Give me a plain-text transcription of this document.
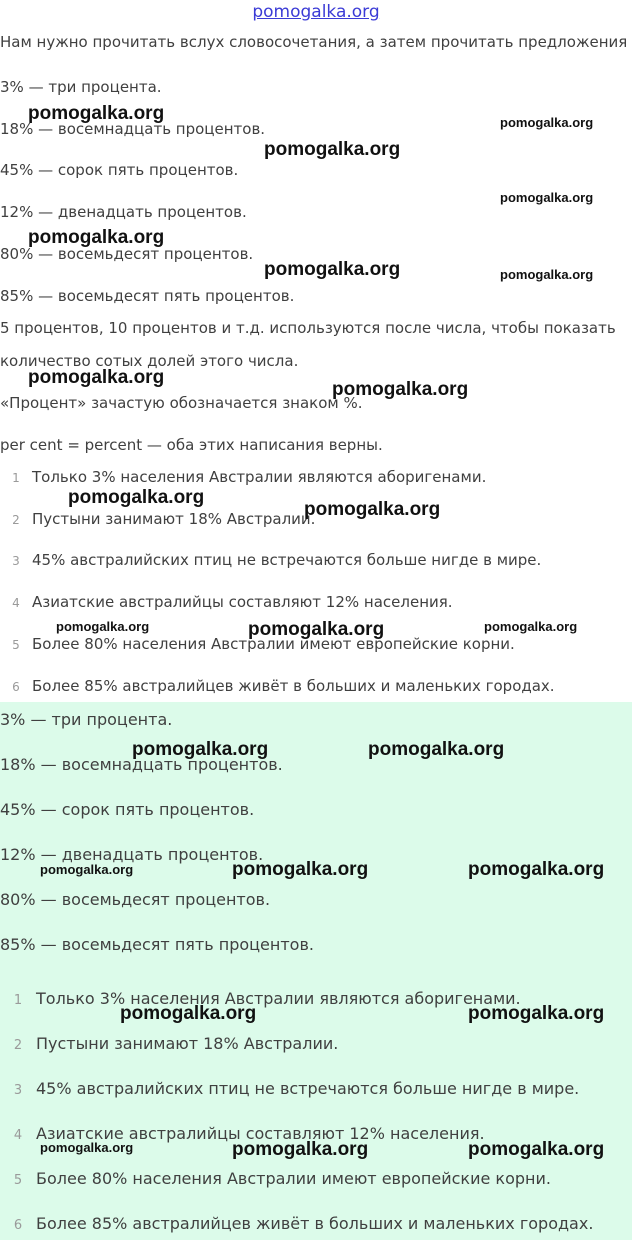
pomogalka.org
Нам нужно прочитать вслух словосочетания, а затем прочитать предложения
3% — три процента.
18% — восемнадцать процентов.
45% — сорок пять процентов.
12% — двенадцать процентов.
80% — восемьдесят процентов.
85% — восемьдесят пять процентов.
5 процентов, 10 процентов и т.д. используются после числа, чтобы показать
количество сотых долей этого числа.
«Процент» зачастую обозначается знаком %.
per cent = percent — оба этих написания верны.
1 Только 3% населения Австралии являются аборигенами.
2 Пустыни занимают 18% Австралии.
3 45% австралийских птиц не встречаются больше нигде в мире.
4 Азиатские австралийцы составляют 12% населения.
5 Более 80% населения Австралии имеют европейские корни.
6 Более 85% австралийцев живёт в больших и маленьких городах.
3% — три процента.
18% — восемнадцать процентов.
45% — сорок пять процентов.
12% — двенадцать процентов.
80% — восемьдесят процентов.
85% — восемьдесят пять процентов.
1 Только 3% населения Австралии являются аборигенами.
2 Пустыни занимают 18% Австралии.
3 45% австралийских птиц не встречаются больше нигде в мире.
4 Азиатские австралийцы составляют 12% населения.
5 Более 80% населения Австралии имеют европейские корни.
6 Более 85% австралийцев живёт в больших и маленьких городах.
pomogalka.org	pomogalka.org
pomogalka.org
pomogalka.org
pomogalka.org
pomogalka.org	pomogalka.org
pomogalka.org
pomogalka.org
pomogalka.org
pomogalka.org
pomogalka.org	pomogalka.org	pomogalka.org
pomogalka.org	pomogalka.org
pomogalka.org	pomogalka.org	pomogalka.org
pomogalka.org	pomogalka.org
pomogalka.org	pomogalka.org	pomogalka.org
